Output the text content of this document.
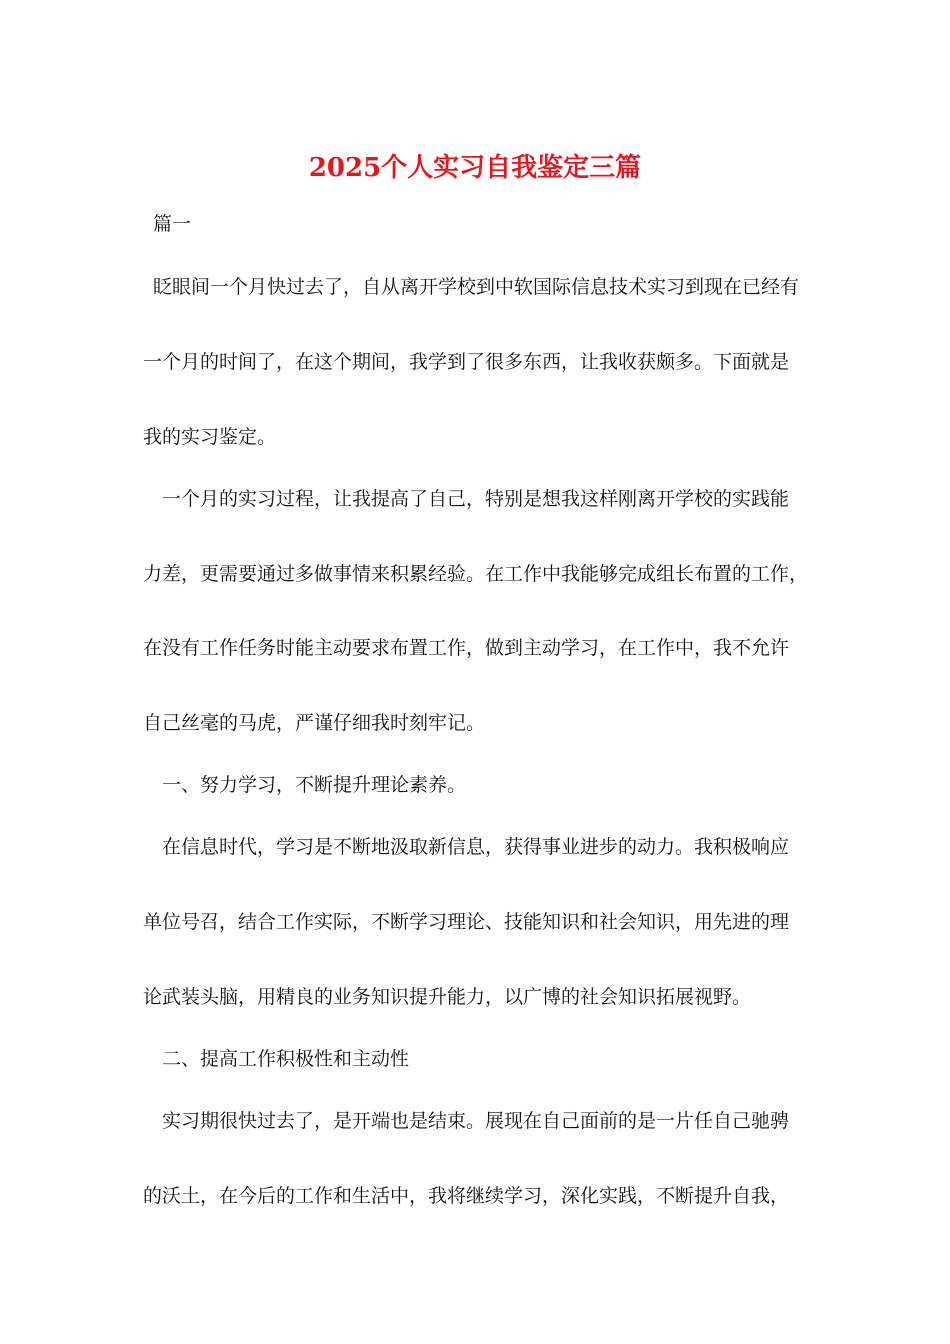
2025个人实习自我鉴定三篇
篇一
眨眼间一个月快过去了，自从离开学校到中软国际信息技术实习到现在已经有
一个月的时间了，在这个期间，我学到了很多东西，让我收获颇多。下面就是
我的实习鉴定。
一个月的实习过程，让我提高了自己，特别是想我这样刚离开学校的实践能
力差，更需要通过多做事情来积累经验。在工作中我能够完成组长布置的工作，
在没有工作任务时能主动要求布置工作，做到主动学习，在工作中，我不允许
自己丝毫的马虎，严谨仔细我时刻牢记。
一、努力学习，不断提升理论素养。
在信息时代，学习是不断地汲取新信息，获得事业进步的动力。我积极响应
单位号召，结合工作实际，不断学习理论、技能知识和社会知识，用先进的理
论武装头脑，用精良的业务知识提升能力，以广博的社会知识拓展视野。
二、提高工作积极性和主动性
实习期很快过去了，是开端也是结束。展现在自己面前的是一片任自己驰骋
的沃土，在今后的工作和生活中，我将继续学习，深化实践，不断提升自我，
